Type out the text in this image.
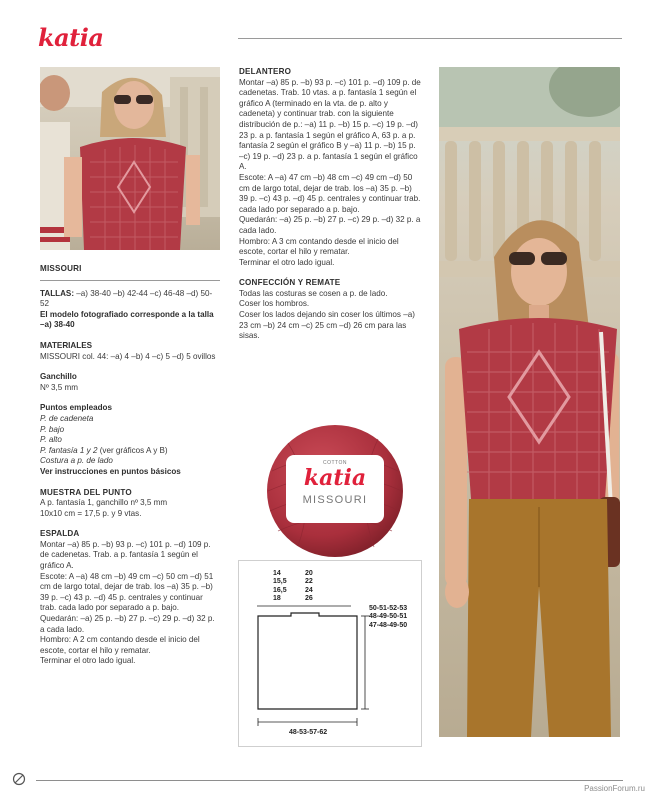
katia

MISSOURI

TALLAS: –a) 38-40 –b) 42-44 –c) 46-48 –d) 50-52

El modelo fotografiado corresponde a la talla –a) 38-40

MATERIALES

MISSOURI col. 44: –a) 4 –b) 4 –c) 5 –d) 5 ovillos

Ganchillo

Nº 3,5 mm

Puntos empleados

P. de cadeneta

P. bajo

P. alto

P. fantasía 1 y 2 (ver gráficos A y B)

Costura a p. de lado

Ver instrucciones en puntos básicos

MUESTRA DEL PUNTO

A p. fantasía 1, ganchillo nº 3,5 mm

10x10 cm = 17,5 p. y 9 vtas.

ESPALDA

Montar –a) 85 p. –b) 93 p. –c) 101 p. –d) 109 p. de cadenetas. Trab. a p. fantasía 1 según el gráfico A.

Escote: A –a) 48 cm –b) 49 cm –c) 50 cm –d) 51 cm de largo total, dejar de trab. los –a) 35 p. –b) 39 p. –c) 43 p. –d) 45 p. centrales y continuar trab. cada lado por separado a p. bajo.

Quedarán: –a) 25 p. –b) 27 p. –c) 29 p. –d) 32 p. a cada lado.

Hombro: A 2 cm contando desde el inicio del escote, cortar el hilo y rematar.

Terminar el otro lado igual.

DELANTERO

Montar –a) 85 p. –b) 93 p. –c) 101 p. –d) 109 p. de cadenetas. Trab. 10 vtas. a p. fantasía 1 según el gráfico A (terminado en la vta. de p. alto y cadeneta) y continuar trab. con la siguiente distribución de p.: –a) 11 p. –b) 15 p. –c) 19 p. –d) 23 p. a p. fantasía 1 según el gráfico A, 63 p. a p. fantasía 2 según el gráfico B y –a) 11 p. –b) 15 p. –c) 19 p. –d) 23 p. a p. fantasía 1 según el gráfico A.

Escote: A –a) 47 cm –b) 48 cm –c) 49 cm –d) 50 cm de largo total, dejar de trab. los –a) 35 p. –b) 39 p. –c) 43 p. –d) 45 p. centrales y continuar trab. cada lado por separado a p. bajo.

Quedarán: –a) 25 p. –b) 27 p. –c) 29 p. –d) 32 p. a cada lado.

Hombro: A 3 cm contando desde el inicio del escote, cortar el hilo y rematar.

Terminar el otro lado igual.

CONFECCIÓN Y REMATE

Todas las costuras se cosen a p. de lado.

Coser los hombros.

Coser los lados dejando sin coser los últimos –a) 23 cm –b) 24 cm –c) 25 cm –d) 26 cm para las sisas.

COTTON
katia
MISSOURI
14
15,5
16,5
18
20
22
24
26
50-51-52-53
48-49-50-51
47-48-49-50
48-53-57-62
PassionForum.ru
